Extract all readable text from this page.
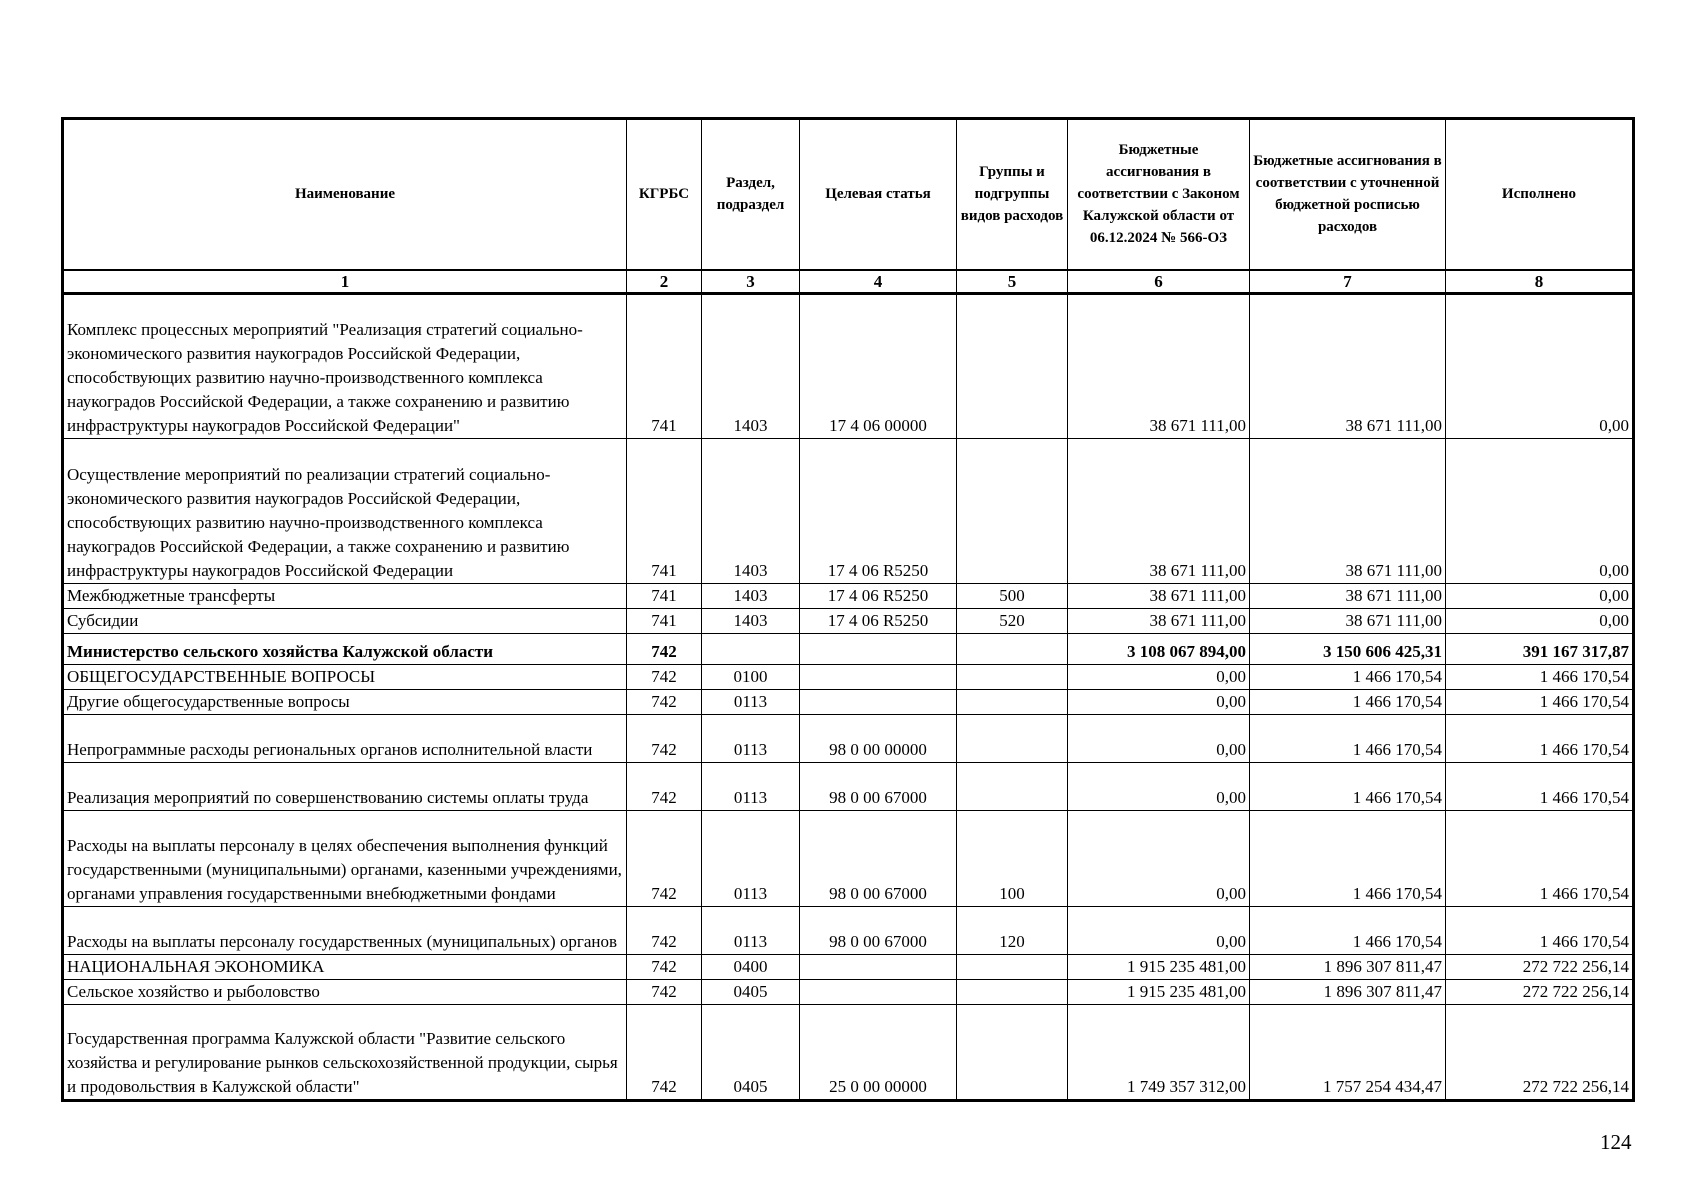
Наименование	КГРБС	Раздел, подраздел	Целевая статья	Группы и подгруппы видов расходов	Бюджетные ассигнования в соответствии с Законом Калужской области от 06.12.2024 № 566-ОЗ	Бюджетные ассигнования в соответствии с уточненной бюджетной росписью расходов	Исполнено
1	2	3	4	5	6	7	8
Комплекс процессных мероприятий "Реализация стратегий социально-экономического развития наукоградов Российской Федерации, способствующих развитию научно-производственного комплекса наукоградов Российской Федерации, а также сохранению и развитию инфраструктуры наукоградов Российской Федерации"	741	1403	17 4 06 00000		38 671 111,00	38 671 111,00	0,00
Осуществление мероприятий по реализации стратегий социально-экономического развития наукоградов Российской Федерации, способствующих развитию научно-производственного комплекса наукоградов Российской Федерации, а также сохранению и развитию инфраструктуры наукоградов Российской Федерации	741	1403	17 4 06 R5250		38 671 111,00	38 671 111,00	0,00
Межбюджетные трансферты	741	1403	17 4 06 R5250	500	38 671 111,00	38 671 111,00	0,00
Субсидии	741	1403	17 4 06 R5250	520	38 671 111,00	38 671 111,00	0,00
Министерство сельского хозяйства Калужской области	742				3 108 067 894,00	3 150 606 425,31	391 167 317,87
ОБЩЕГОСУДАРСТВЕННЫЕ ВОПРОСЫ	742	0100			0,00	1 466 170,54	1 466 170,54
Другие общегосударственные вопросы	742	0113			0,00	1 466 170,54	1 466 170,54
Непрограммные расходы региональных органов исполнительной власти	742	0113	98 0 00 00000		0,00	1 466 170,54	1 466 170,54
Реализация мероприятий по совершенствованию системы оплаты труда	742	0113	98 0 00 67000		0,00	1 466 170,54	1 466 170,54
Расходы на выплаты персоналу в целях обеспечения выполнения функций государственными (муниципальными) органами, казенными учреждениями, органами управления государственными внебюджетными фондами	742	0113	98 0 00 67000	100	0,00	1 466 170,54	1 466 170,54
Расходы на выплаты персоналу государственных (муниципальных) органов	742	0113	98 0 00 67000	120	0,00	1 466 170,54	1 466 170,54
НАЦИОНАЛЬНАЯ ЭКОНОМИКА	742	0400			1 915 235 481,00	1 896 307 811,47	272 722 256,14
Сельское хозяйство и рыболовство	742	0405			1 915 235 481,00	1 896 307 811,47	272 722 256,14
Государственная программа Калужской области "Развитие сельского хозяйства и регулирование рынков сельскохозяйственной продукции, сырья и продовольствия в Калужской области"	742	0405	25 0 00 00000		1 749 357 312,00	1 757 254 434,47	272 722 256,14
124
